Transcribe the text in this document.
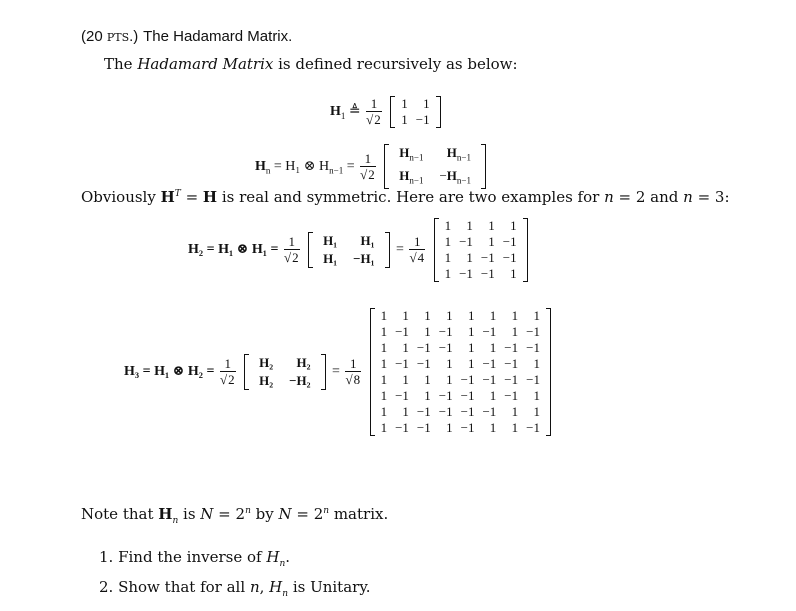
(20 pts.) The Hadamard Matrix.
The Hadamard Matrix is defined recursively as below:
$H_1$ ≜ $\frac{1}{√2}$
1	1
1	−1
$H_n = H_1$ ⊗ $H_{n-1} = \frac{1}{√2}$
$H_{n-1}$	$H_{n-1}$
$H_{n-1}$	$-H_{n-1}$
Obviously $H^T = H$ is real and symmetric. Here are two examples for n = 2 and n = 3:
H₂ = H₁ ⊗ $H_1 = \frac{1}{√2}$
H₁	H₁
H₁	−H₁
= $\frac{1}{√4}$

1	1	1	1
1	−1	1	−1
1	1	−1	−1
1	−1	−1	1
H₃ = H₁ ⊗ $H_2 = \frac{1}{√2}$
H₂	H₂
H₂	−H₂
= $\frac{1}{√8}$

1	1	1	1	1	1	1	1
1	−1	1	−1	1	−1	1	−1
1	1	−1	−1	1	1	−1	−1
1	−1	−1	1	1	−1	−1	1
1	1	1	1	−1	−1	−1	−1
1	−1	1	−1	−1	1	−1	1
1	1	−1	−1	−1	−1	1	1
1	−1	−1	1	−1	1	1	−1
Note that $H_n$ is $N = 2^n$ by $N = 2^n$ matrix.
1. Find the inverse of $H_n$.
2. Show that for all n, $H_n$ is Unitary.
